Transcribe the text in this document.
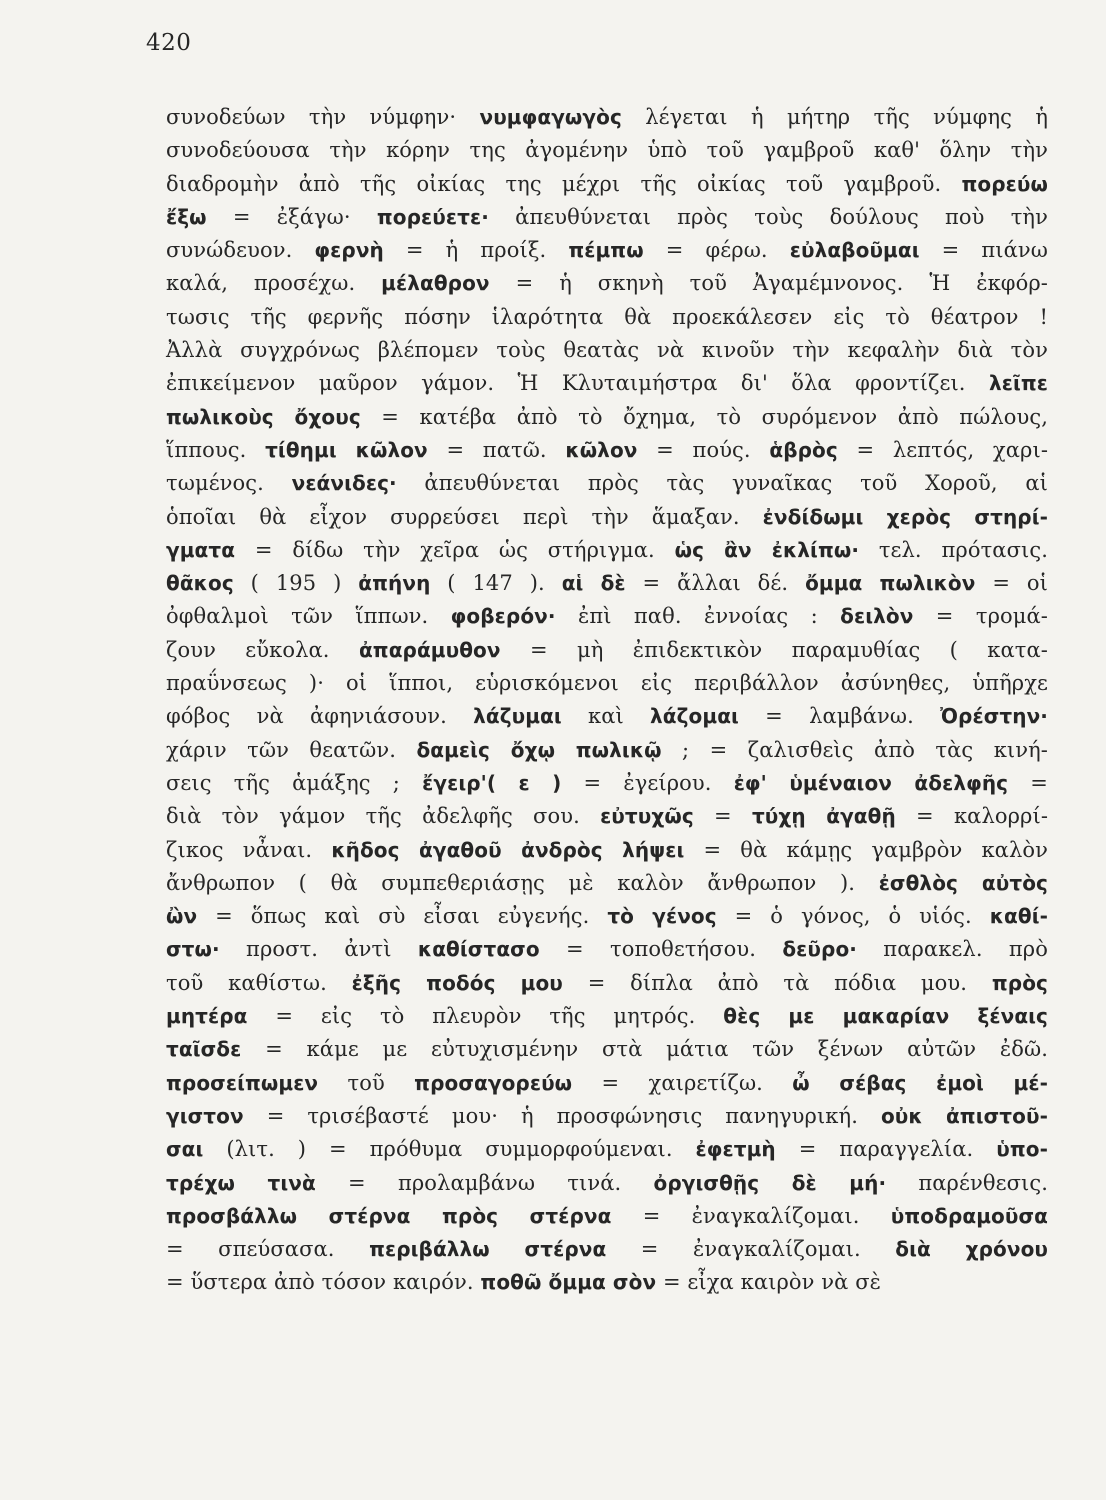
420
συνοδεύων τὴν νύμφην· νυμφαγωγὸς λέγεται ἡ μήτηρ τῆς νύμφης ἡ
συνοδεύουσα τὴν κόρην της ἀγομένην ὑπὸ τοῦ γαμβροῦ καθ' ὅλην τὴν
διαδρομὴν ἀπὸ τῆς οἰκίας της μέχρι τῆς οἰκίας τοῦ γαμβροῦ. πορεύω
ἔξω = ἐξάγω· πορεύετε· ἀπευθύνεται πρὸς τοὺς δούλους ποὺ τὴν
συνώδευον. φερνὴ = ἡ προίξ. πέμπω = φέρω. εὐλαβοῦμαι = πιάνω
καλά, προσέχω. μέλαθρον = ἡ σκηνὴ τοῦ Ἀγαμέμνονος. Ἡ ἐκφόρ-
τωσις τῆς φερνῆς πόσην ἱλαρότητα θὰ προεκάλεσεν εἰς τὸ θέατρον !
Ἀλλὰ συγχρόνως βλέπομεν τοὺς θεατὰς νὰ κινοῦν τὴν κεφαλὴν διὰ τὸν
ἐπικείμενον μαῦρον γάμον. Ἡ Κλυταιμήστρα δι' ὅλα φροντίζει. λεῖπε
πωλικοὺς ὄχους = κατέβα ἀπὸ τὸ ὄχημα, τὸ συρόμενον ἀπὸ πώλους,
ἵππους. τίθημι κῶλον = πατῶ. κῶλον = πούς. ἁβρὸς = λεπτός, χαρι-
τωμένος. νεάνιδες· ἀπευθύνεται πρὸς τὰς γυναῖκας τοῦ Χοροῦ, αἱ
ὁποῖαι θὰ εἶχον συρρεύσει περὶ τὴν ἅμαξαν. ἐνδίδωμι χερὸς στηρί-
γματα = δίδω τὴν χεῖρα ὡς στήριγμα. ὡς ἂν ἐκλίπω· τελ. πρότασις.
θᾶκος ( 195 ) ἀπήνη ( 147 ). αἱ δὲ = ἄλλαι δέ. ὄμμα πωλικὸν = οἱ
ὀφθαλμοὶ τῶν ἵππων. φοβερόν· ἐπὶ παθ. ἐννοίας : δειλὸν = τρομά-
ζουν εὔκολα. ἀπαράμυθον = μὴ ἐπιδεκτικὸν παραμυθίας ( κατα-
πραΰνσεως )· οἱ ἵπποι, εὑρισκόμενοι εἰς περιβάλλον ἀσύνηθες, ὑπῆρχε
φόβος νὰ ἀφηνιάσουν. λάζυμαι καὶ λάζομαι = λαμβάνω. Ὀρέστην·
χάριν τῶν θεατῶν. δαμεὶς ὄχῳ πωλικῷ ; = ζαλισθεὶς ἀπὸ τὰς κινή-
σεις τῆς ἁμάξης ; ἔγειρ'( ε ) = ἐγείρου. ἐφ' ὑμέναιον ἀδελφῆς =
διὰ τὸν γάμον τῆς ἀδελφῆς σου. εὐτυχῶς = τύχῃ ἀγαθῇ = καλορρί-
ζικος νἆναι. κῆδος ἀγαθοῦ ἀνδρὸς λήψει = θὰ κάμῃς γαμβρὸν καλὸν
ἄνθρωπον ( θὰ συμπεθεριάσῃς μὲ καλὸν ἄνθρωπον ). ἐσθλὸς αὐτὸς
ὢν = ὅπως καὶ σὺ εἶσαι εὐγενής. τὸ γένος = ὁ γόνος, ὁ υἱός. καθί-
στω· προστ. ἀντὶ καθίστασο = τοποθετήσου. δεῦρο· παρακελ. πρὸ
τοῦ καθίστω. ἐξῆς ποδός μου = δίπλα ἀπὸ τὰ πόδια μου. πρὸς
μητέρα = εἰς τὸ πλευρὸν τῆς μητρός. θὲς με μακαρίαν ξέναις
ταῖσδε = κάμε με εὐτυχισμένην στὰ μάτια τῶν ξένων αὐτῶν ἐδῶ.
προσείπωμεν τοῦ προσαγορεύω = χαιρετίζω. ὦ σέβας ἐμοὶ μέ-
γιστον = τρισέβαστέ μου· ἡ προσφώνησις πανηγυρική. οὐκ ἀπιστοῦ-
σαι (λιτ. ) = πρόθυμα συμμορφούμεναι. ἐφετμὴ = παραγγελία. ὑπο-
τρέχω τινὰ = προλαμβάνω τινά. ὀργισθῇς δὲ μή· παρένθεσις.
προσβάλλω στέρνα πρὸς στέρνα = ἐναγκαλίζομαι. ὑποδραμοῦσα
= σπεύσασα. περιβάλλω στέρνα = ἐναγκαλίζομαι. διὰ χρόνου
= ὕστερα ἀπὸ τόσον καιρόν. ποθῶ ὄμμα σὸν = εἶχα καιρὸν νὰ σὲ
